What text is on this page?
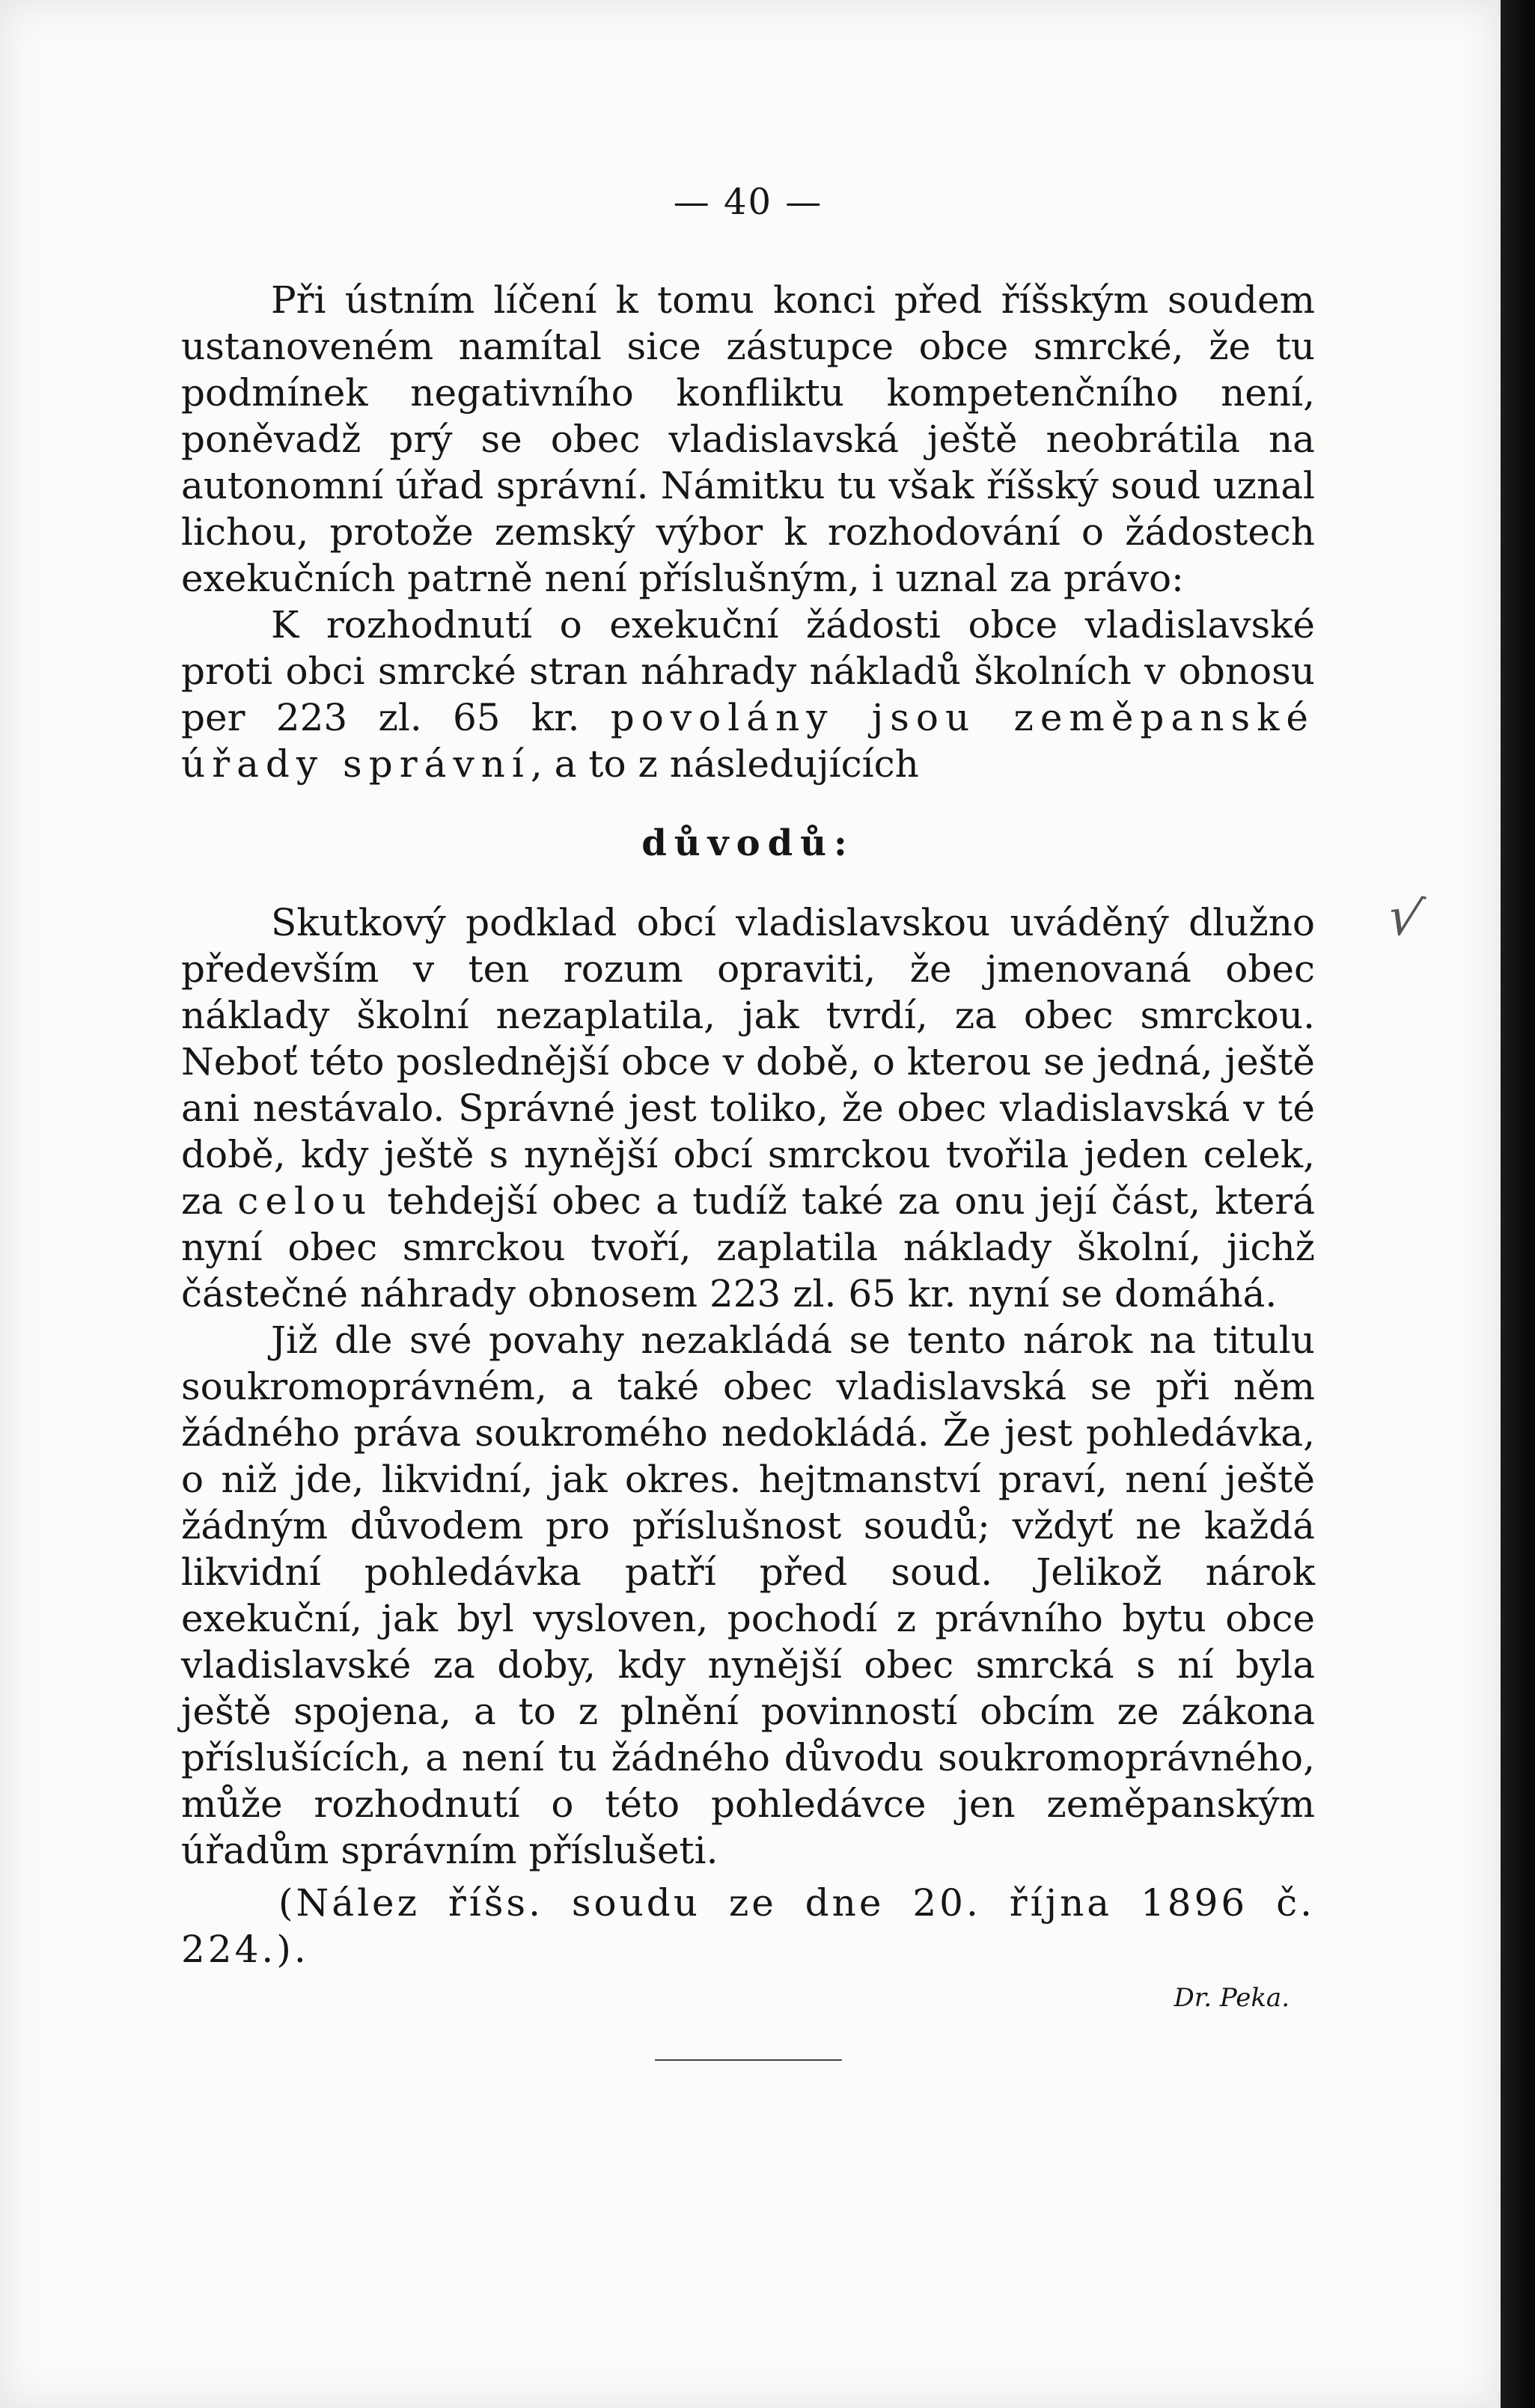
— 40 —

Při ústním líčení k tomu konci před říšským soudem ustanoveném namítal sice zástupce obce smrcké, že tu podmínek negativního konfliktu kompetenčního není, poněvadž prý se obec vladislavská ještě neobrátila na autonomní úřad správní. Námitku tu však říšský soud uznal lichou, protože zemský výbor k rozhodování o žádostech exekučních patrně není příslušným, i uznal za právo:

K rozhodnutí o exekuční žádosti obce vladislavské proti obci smrcké stran náhrady nákladů školních v obnosu per 223 zl. 65 kr. povolány jsou zeměpanské úřady správní, a to z následujících

důvodů:

Skutkový podklad obcí vladislavskou uváděný dlužno především v ten rozum opraviti, že jmenovaná obec náklady školní nezaplatila, jak tvrdí, za obec smrckou. Neboť této poslednější obce v době, o kterou se jedná, ještě ani nestávalo. Správné jest toliko, že obec vladislavská v té době, kdy ještě s nynější obcí smrckou tvořila jeden celek, za celou tehdejší obec a tudíž také za onu její část, která nyní obec smrckou tvoří, zaplatila náklady školní, jichž částečné náhrady obnosem 223 zl. 65 kr. nyní se domáhá.

Již dle své povahy nezakládá se tento nárok na titulu soukromoprávném, a také obec vladislavská se při něm žádného práva soukromého nedokládá. Že jest pohledávka, o niž jde, likvidní, jak okres. hejtmanství praví, není ještě žádným důvodem pro příslušnost soudů; vždyť ne každá likvidní pohledávka patří před soud. Jelikož nárok exekuční, jak byl vysloven, pochodí z právního bytu obce vladislavské za doby, kdy nynější obec smrcká s ní byla ještě spojena, a to z plnění povinností obcím ze zákona příslušících, a není tu žádného důvodu soukromoprávného, může rozhodnutí o této pohledávce jen zeměpanským úřadům správním příslušeti.

(Nález říšs. soudu ze dne 20. října 1896 č. 224.).

Dr. Peka.
√
